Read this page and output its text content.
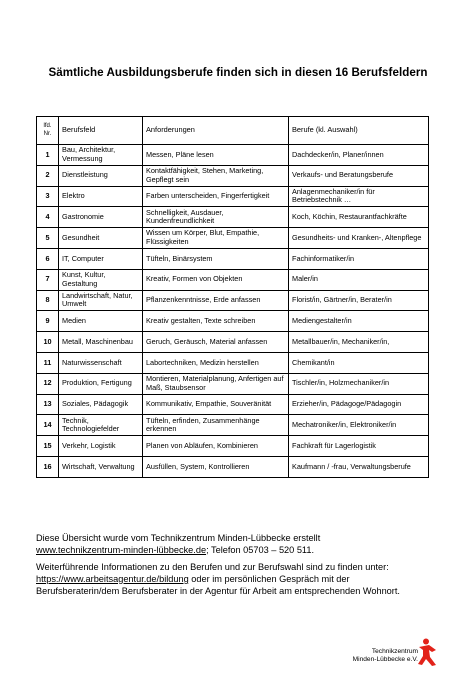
Sämtliche Ausbildungsberufe finden sich in diesen 16 Berufsfeldern
lfd.
Nr.	Berufsfeld	Anforderungen	Berufe (kl. Auswahl)
1	Bau, Architektur, Vermessung	Messen, Pläne lesen	Dachdecker/in, Planer/innen
2	Dienstleistung	Kontaktfähigkeit, Stehen, Marketing, Gepflegt sein	Verkaufs- und Beratungsberufe
3	Elektro	Farben unterscheiden, Fingerfertigkeit	Anlagenmechaniker/in für Betriebstechnik …
4	Gastronomie	Schnelligkeit, Ausdauer, Kundenfreundlichkeit	Koch, Köchin, Restaurantfachkräfte
5	Gesundheit	Wissen um Körper, Blut, Empathie, Flüssigkeiten	Gesundheits- und Kranken-, Altenpflege
6	IT, Computer	Tüfteln, Binärsystem	Fachinformatiker/in
7	Kunst, Kultur, Gestaltung	Kreativ, Formen von Objekten	Maler/in
8	Landwirtschaft, Natur, Umwelt	Pflanzenkenntnisse, Erde anfassen	Florist/in, Gärtner/in, Berater/in
9	Medien	Kreativ gestalten, Texte schreiben	Mediengestalter/in
10	Metall, Maschinenbau	Geruch, Geräusch, Material anfassen	Metallbauer/in, Mechaniker/in,
11	Naturwissenschaft	Labortechniken, Medizin herstellen	Chemikant/in
12	Produktion, Fertigung	Montieren, Materialplanung, Anfertigen auf Maß, Staubsensor	Tischler/in, Holzmechaniker/in
13	Soziales, Pädagogik	Kommunikativ, Empathie, Souveränität	Erzieher/in, Pädagoge/Pädagogin
14	Technik, Technologiefelder	Tüfteln, erfinden, Zusammenhänge erkennen	Mechatroniker/in, Elektroniker/in
15	Verkehr, Logistik	Planen von Abläufen, Kombinieren	Fachkraft für Lagerlogistik
16	Wirtschaft, Verwaltung	Ausfüllen, System, Kontrollieren	Kaufmann / -frau, Verwaltungsberufe
Diese Übersicht wurde vom Technikzentrum Minden-Lübbecke erstellt
www.technikzentrum-minden-lübbecke.de; Telefon 05703 – 520 511.
Weiterführende Informationen zu den Berufen und zur Berufswahl sind zu finden unter:
https://www.arbeitsagentur.de/bildung oder im persönlichen Gespräch mit der
Berufsberaterin/dem Berufsberater in der Agentur für Arbeit am entsprechenden Wohnort.
Technikzentrum
Minden-Lübbecke e.V.
